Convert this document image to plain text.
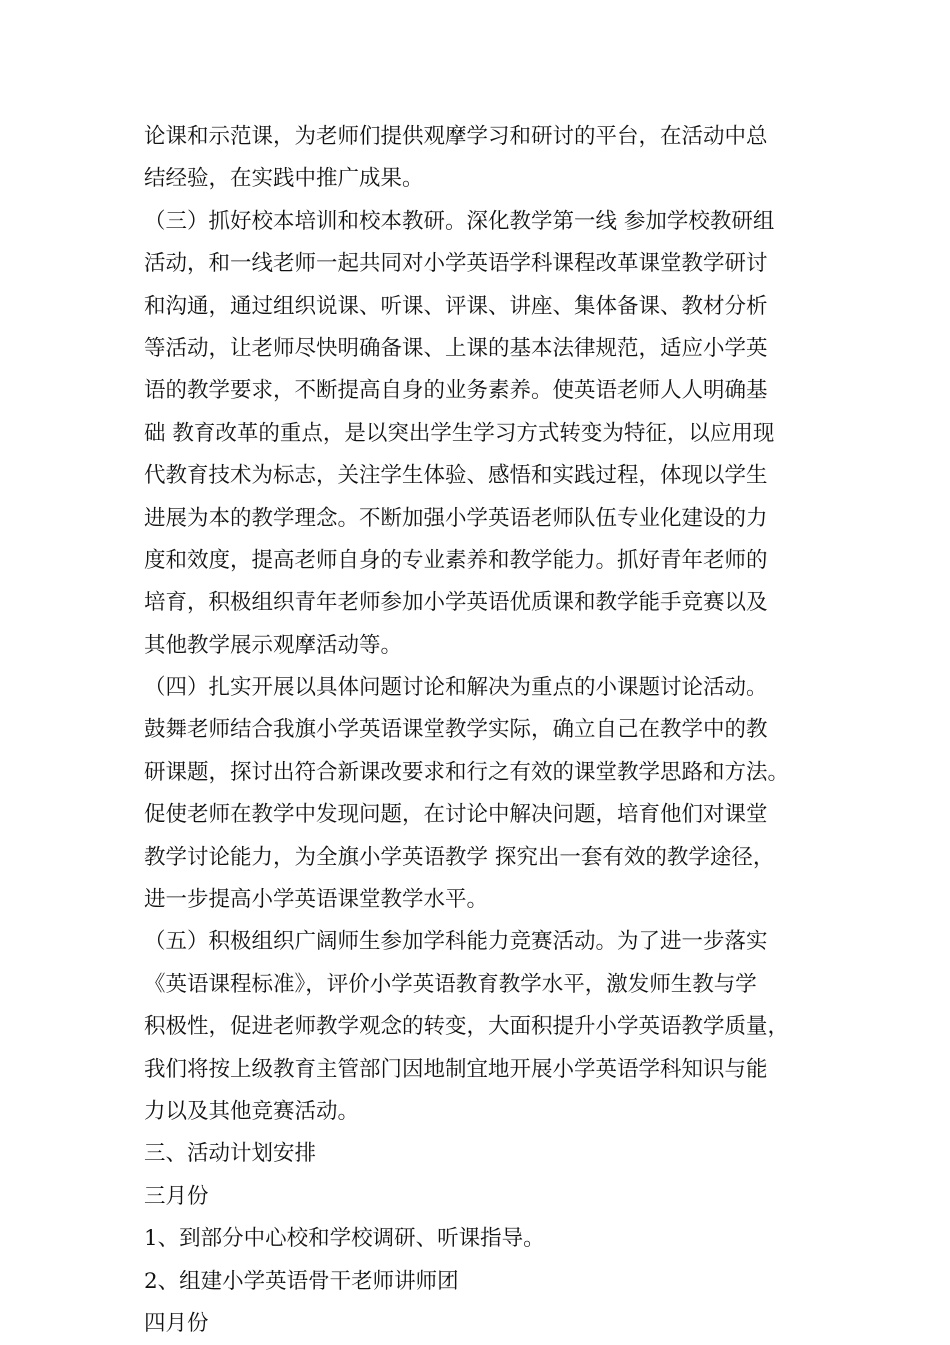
论课和示范课，为老师们提供观摩学习和研讨的平台，在活动中总
结经验，在实践中推广成果。
（三）抓好校本培训和校本教研。深化教学第一线 参加学校教研组
活动，和一线老师一起共同对小学英语学科课程改革课堂教学研讨
和沟通，通过组织说课、听课、评课、讲座、集体备课、教材分析
等活动，让老师尽快明确备课、上课的基本法律规范，适应小学英
语的教学要求，不断提高自身的业务素养。使英语老师人人明确基
础 教育改革的重点，是以突出学生学习方式转变为特征，以应用现
代教育技术为标志，关注学生体验、感悟和实践过程，体现以学生
进展为本的教学理念。不断加强小学英语老师队伍专业化建设的力
度和效度，提高老师自身的专业素养和教学能力。抓好青年老师的
培育，积极组织青年老师参加小学英语优质课和教学能手竞赛以及
其他教学展示观摩活动等。
（四）扎实开展以具体问题讨论和解决为重点的小课题讨论活动。
鼓舞老师结合我旗小学英语课堂教学实际，确立自己在教学中的教
研课题，探讨出符合新课改要求和行之有效的课堂教学思路和方法。
促使老师在教学中发现问题，在讨论中解决问题，培育他们对课堂
教学讨论能力，为全旗小学英语教学 探究出一套有效的教学途径，
进一步提高小学英语课堂教学水平。
（五）积极组织广阔师生参加学科能力竞赛活动。为了进一步落实
《英语课程标准》，评价小学英语教育教学水平，激发师生教与学
积极性，促进老师教学观念的转变，大面积提升小学英语教学质量，
我们将按上级教育主管部门因地制宜地开展小学英语学科知识与能
力以及其他竞赛活动。
三、活动计划安排
三月份
1、到部分中心校和学校调研、听课指导。
2、组建小学英语骨干老师讲师团
四月份
